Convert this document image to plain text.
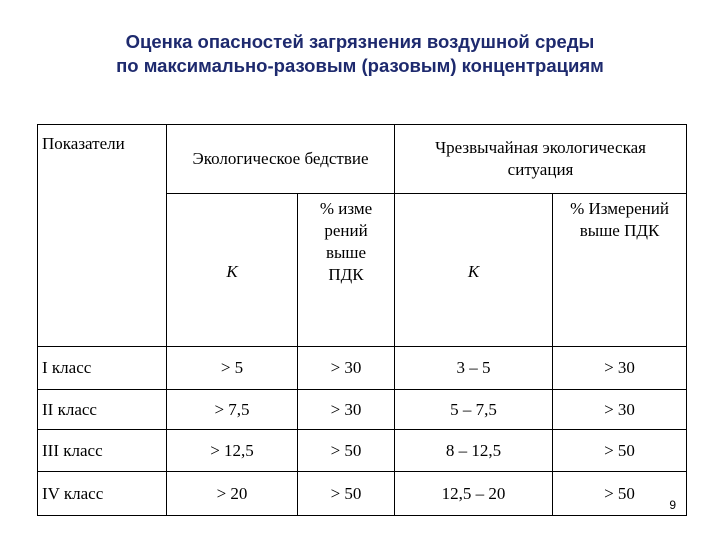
Оценка опасностей загрязнения воздушной среды
по максимально-разовым (разовым) концентрациям
Показатели	Экологическое бедствие		Чрезвычайная экологическая ситуация	
	К	% изме рений выше ПДК	К	% Измерений выше ПДК
I класс	> 5	> 30	3 – 5	> 30
II класс	> 7,5	> 30	5 – 7,5	> 30
III класс	> 12,5	> 50	8 – 12,5	> 50
IV класс	> 20	> 50	12,5 – 20	> 50
9
